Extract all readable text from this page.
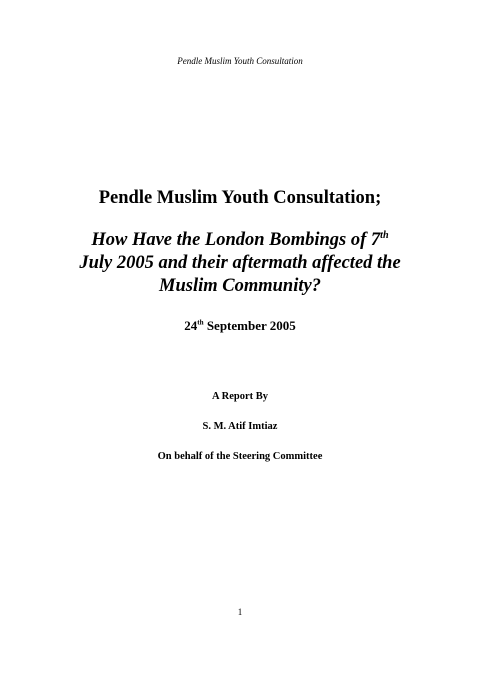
Pendle Muslim Youth Consultation
Pendle Muslim Youth Consultation;
How Have the London Bombings of 7th
July 2005 and their aftermath affected the
Muslim Community?
24th September 2005
A Report By
S. M. Atif Imtiaz
On behalf of the Steering Committee
1
